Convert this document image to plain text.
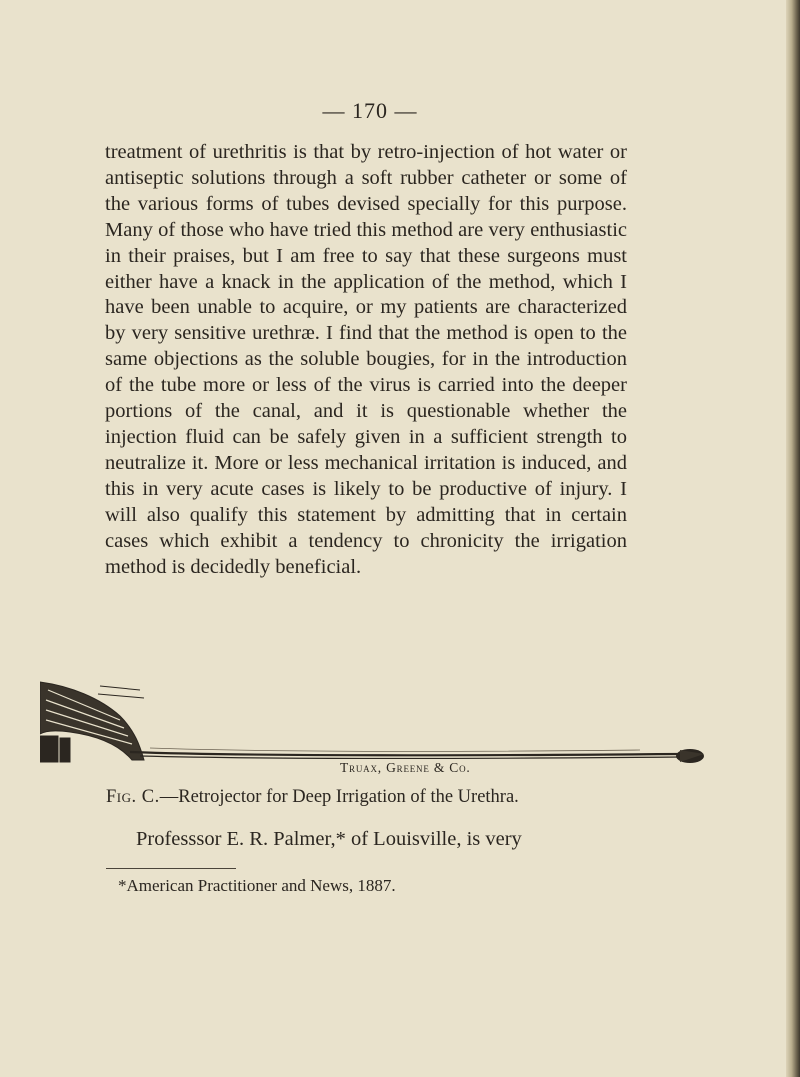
— 170 —

treatment of urethritis is that by retro-injection of hot water or antiseptic solutions through a soft rubber catheter or some of the various forms of tubes devised specially for this purpose. Many of those who have tried this method are very enthusiastic in their praises, but I am free to say that these surgeons must either have a knack in the application of the method, which I have been unable to acquire, or my patients are characterized by very sensitive urethræ. I find that the method is open to the same objections as the soluble bougies, for in the introduction of the tube more or less of the virus is carried into the deeper portions of the canal, and it is questionable whether the injection fluid can be safely given in a sufficient strength to neutralize it. More or less mechanical irritation is induced, and this in very acute cases is likely to be productive of injury. I will also qualify this statement by admitting that in certain cases which exhibit a tendency to chronicity the irrigation method is decidedly beneficial.

Truax, Greene & Co.
Fig. C.—Retrojector for Deep Irrigation of the Urethra.
Professsor E. R. Palmer,* of Louisville, is very
*American Practitioner and News, 1887.
